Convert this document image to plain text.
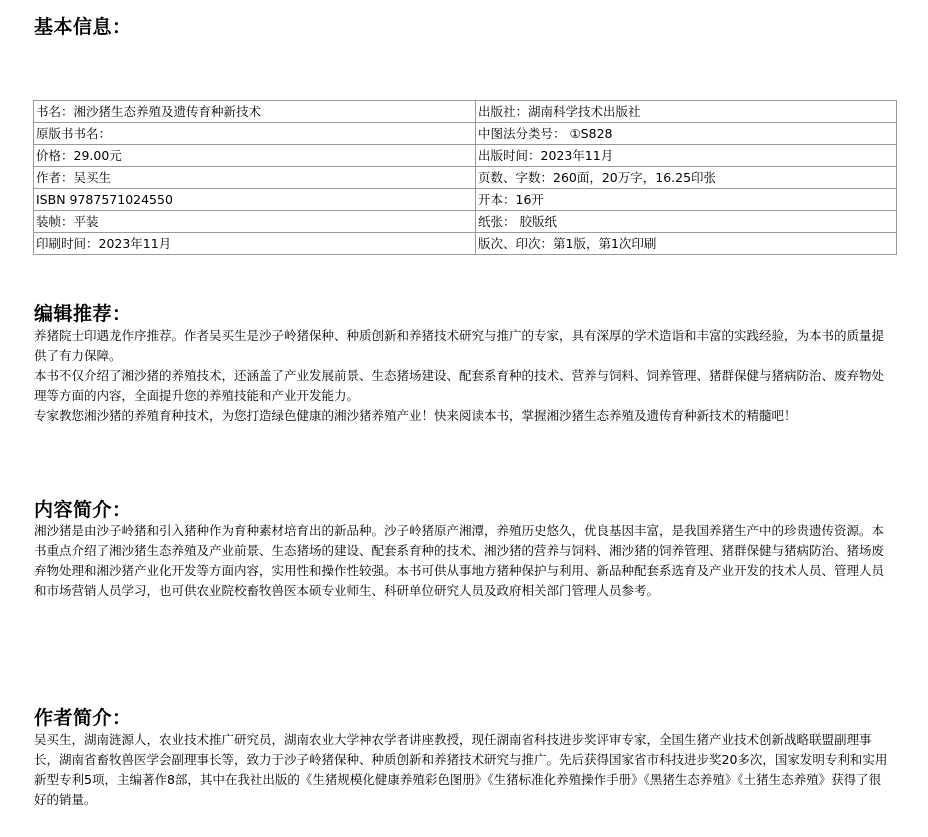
基本信息：
书名：湘沙猪生态养殖及遗传育种新技术	出版社：湖南科学技术出版社
原版书书名：	中图法分类号： ①S828
价格：29.00元	出版时间：2023年11月
作者：吴买生	页数、字数：260面，20万字，16.25印张
ISBN 9787571024550	开本：16开
装帧：平装	纸张： 胶版纸
印刷时间：2023年11月	版次、印次：第1版，第1次印刷
编辑推荐：

养猪院士印遇龙作序推荐。作者吴买生是沙子岭猪保种、种质创新和养猪技术研究与推广的专家，具有深厚的学术造诣和丰富的实践经验，为本书的质量提供了有力保障。

本书不仅介绍了湘沙猪的养殖技术，还涵盖了产业发展前景、生态猪场建设、配套系育种的技术、营养与饲料、饲养管理、猪群保健与猪病防治、废弃物处理等方面的内容，全面提升您的养殖技能和产业开发能力。

专家教您湘沙猪的养殖育种技术，为您打造绿色健康的湘沙猪养殖产业！快来阅读本书，掌握湘沙猪生态养殖及遗传育种新技术的精髓吧！

内容简介：

湘沙猪是由沙子岭猪和引入猪种作为育种素材培育出的新品种。沙子岭猪原产湘潭，养殖历史悠久，优良基因丰富，是我国养猪生产中的珍贵遗传资源。本书重点介绍了湘沙猪生态养殖及产业前景、生态猪场的建设、配套系育种的技术、湘沙猪的营养与饲料、湘沙猪的饲养管理、猪群保健与猪病防治、猪场废弃物处理和湘沙猪产业化开发等方面内容，实用性和操作性较强。本书可供从事地方猪种保护与利用、新品种配套系选育及产业开发的技术人员、管理人员和市场营销人员学习，也可供农业院校畜牧兽医本硕专业师生、科研单位研究人员及政府相关部门管理人员参考。

作者简介：

吴买生，湖南涟源人，农业技术推广研究员，湖南农业大学神农学者讲座教授，现任湖南省科技进步奖评审专家，全国生猪产业技术创新战略联盟副理事长，湖南省畜牧兽医学会副理事长等，致力于沙子岭猪保种、种质创新和养猪技术研究与推广。先后获得国家省市科技进步奖20多次，国家发明专利和实用新型专利5项，主编著作8部，其中在我社出版的《生猪规模化健康养殖彩色图册》《生猪标准化养殖操作手册》《黑猪生态养殖》《土猪生态养殖》获得了很好的销量。
